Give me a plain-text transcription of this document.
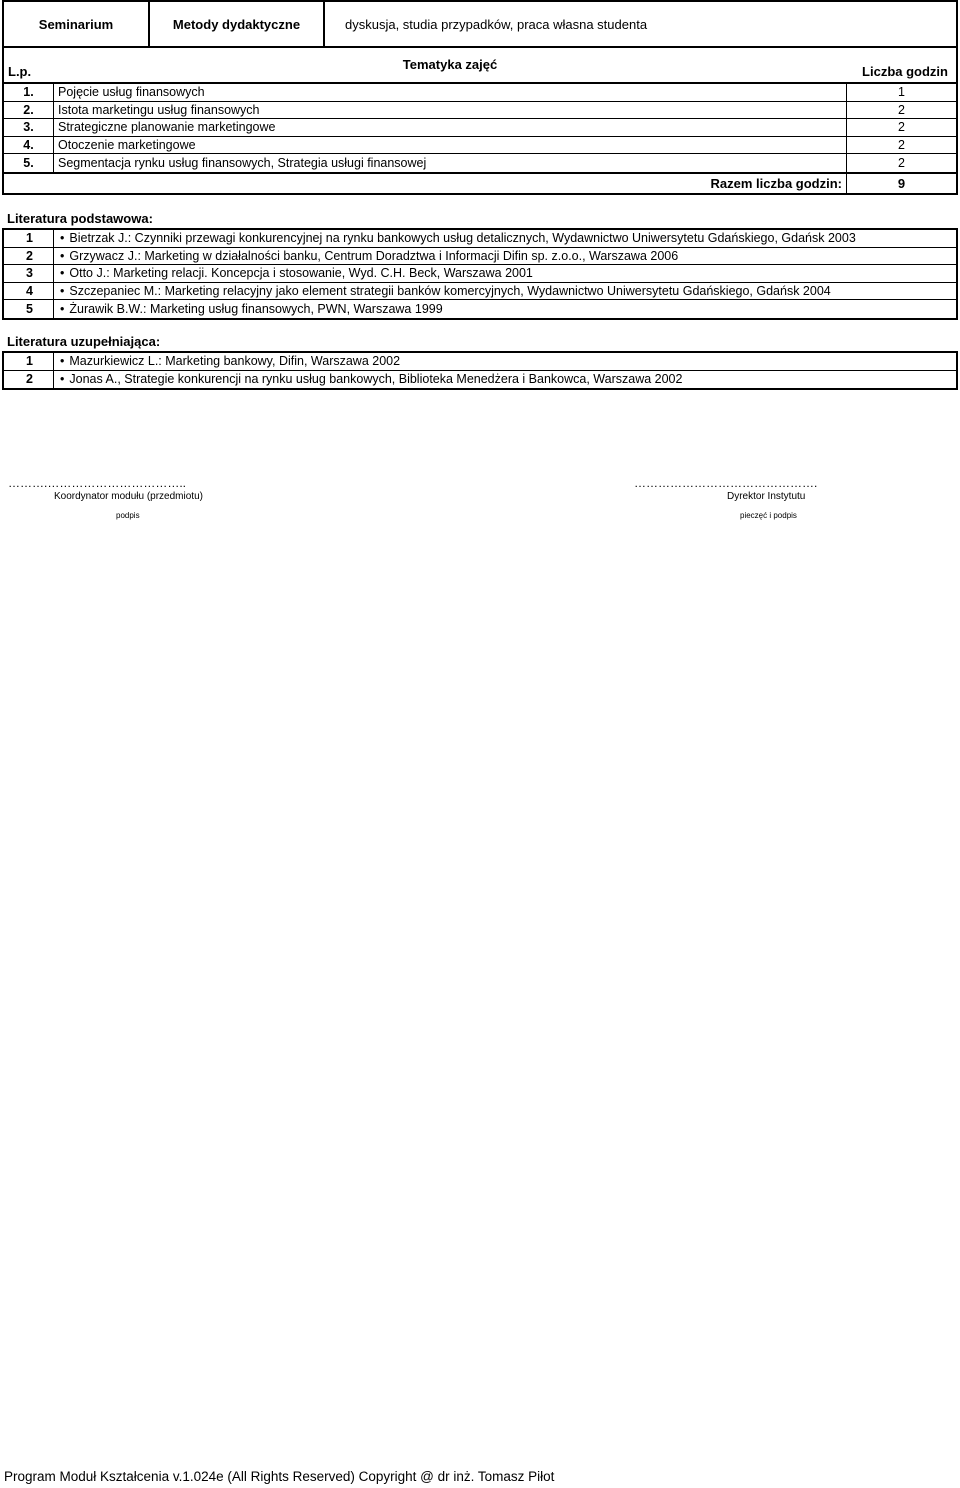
Seminarium	Metody dydaktyczne	dyskusja, studia przypadków, praca własna studenta
L.p.	Tematyka zajęć	Liczba godzin
1.	Pojęcie usług finansowych	1
2.	Istota marketingu usług finansowych	2
3.	Strategiczne planowanie marketingowe	2
4.	Otoczenie marketingowe	2
5.	Segmentacja rynku usług finansowych, Strategia usługi finansowej	2
Razem liczba godzin:	9
Literatura podstawowa:
1	• Bietrzak J.: Czynniki przewagi konkurencyjnej na rynku bankowych usług detalicznych, Wydawnictwo Uniwersytetu Gdańskiego, Gdańsk 2003
2	• Grzywacz J.: Marketing w działalności banku, Centrum Doradztwa i Informacji Difin sp. z.o.o., Warszawa 2006
3	• Otto J.: Marketing relacji. Koncepcja i stosowanie, Wyd. C.H. Beck, Warszawa 2001
4	• Szczepaniec M.: Marketing relacyjny jako element strategii banków komercyjnych, Wydawnictwo Uniwersytetu Gdańskiego, Gdańsk 2004
5	• Żurawik B.W.: Marketing usług finansowych, PWN, Warszawa 1999
Literatura uzupełniająca:
1	• Mazurkiewicz L.: Marketing bankowy, Difin, Warszawa 2002
2	• Jonas A., Strategie konkurencji na rynku usług bankowych, Biblioteka Menedżera i Bankowca, Warszawa 2002
……….……………………………..
Koordynator modułu (przedmiotu)
podpis
……………………………………….
Dyrektor Instytutu
pieczęć i podpis
Program Moduł Kształcenia v.1.024e (All Rights Reserved) Copyright @ dr inż. Tomasz Piłot
